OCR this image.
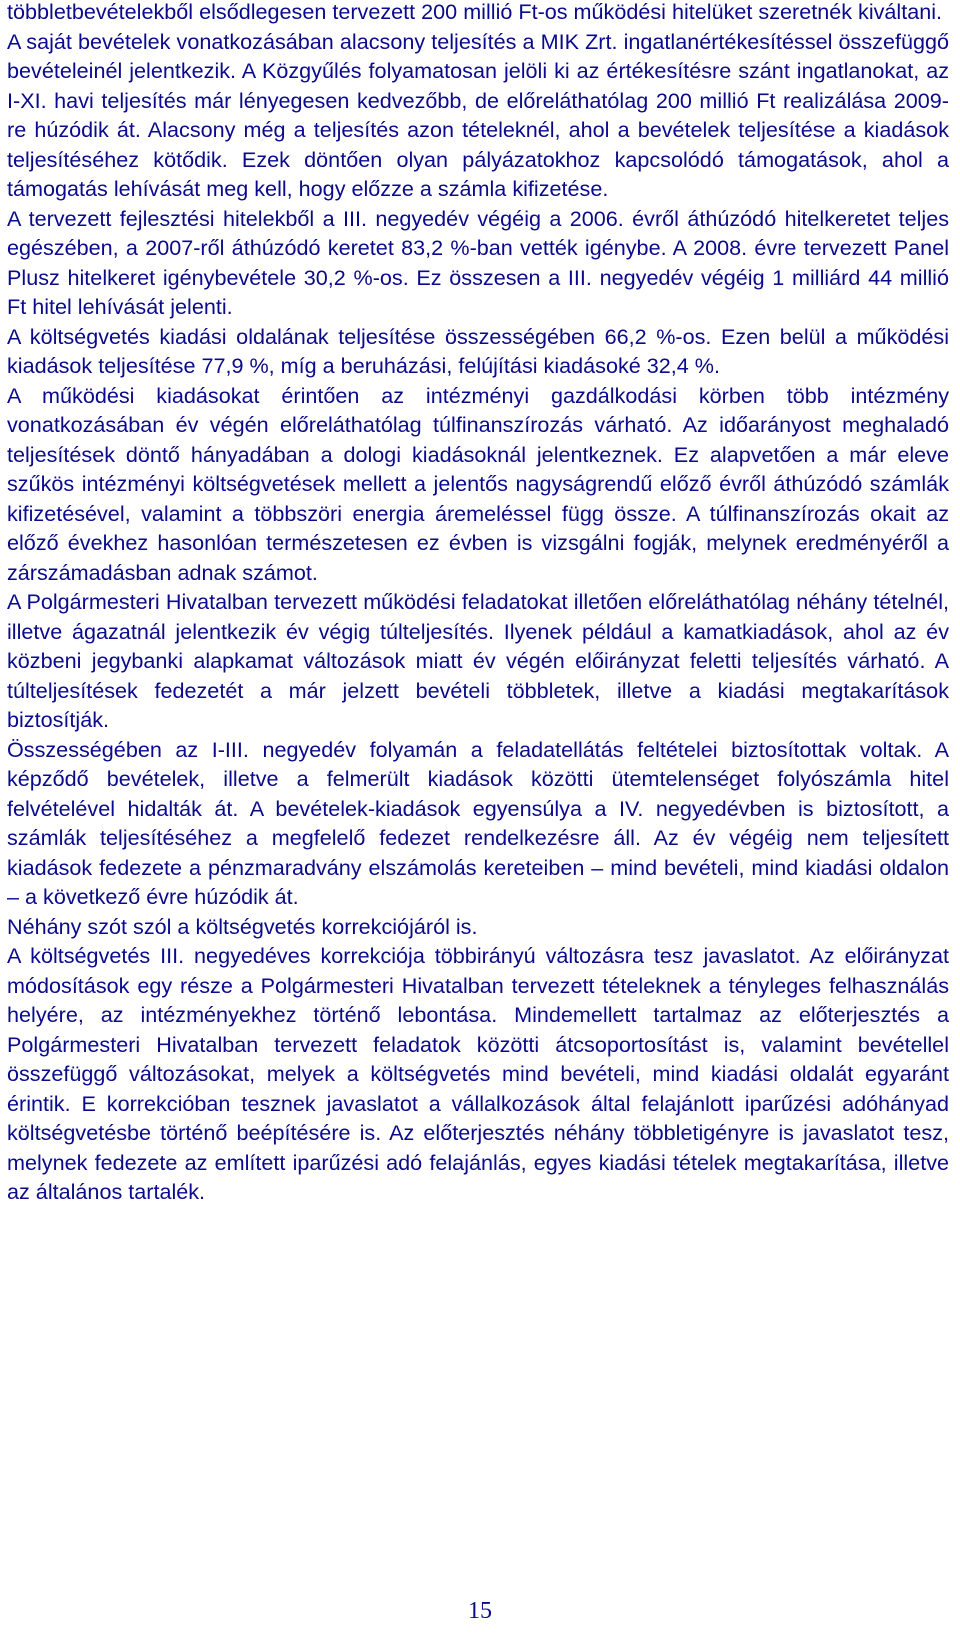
többletbevételekből elsődlegesen tervezett 200 millió Ft-os működési hitelüket szeretnék kiváltani.

A saját bevételek vonatkozásában alacsony teljesítés a MIK Zrt. ingatlanértékesítéssel összefüggő bevételeinél jelentkezik. A Közgyűlés folyamatosan jelöli ki az értékesítésre szánt ingatlanokat, az I-XI. havi teljesítés már lényegesen kedvezőbb, de előreláthatólag 200 millió Ft realizálása 2009-re húzódik át. Alacsony még a teljesítés azon tételeknél, ahol a bevételek teljesítése a kiadások teljesítéséhez kötődik. Ezek döntően olyan pályázatokhoz kapcsolódó támogatások, ahol a támogatás lehívását meg kell, hogy előzze a számla kifizetése.

A tervezett fejlesztési hitelekből a III. negyedév végéig a 2006. évről áthúzódó hitelkeretet teljes egészében, a 2007-ről áthúzódó keretet 83,2 %-ban vették igénybe. A 2008. évre tervezett Panel Plusz hitelkeret igénybevétele 30,2 %-os. Ez összesen a III. negyedév végéig 1 milliárd 44 millió Ft hitel lehívását jelenti.

A költségvetés kiadási oldalának teljesítése összességében 66,2 %-os. Ezen belül a működési kiadások teljesítése 77,9 %, míg a beruházási, felújítási kiadásoké 32,4 %.

A működési kiadásokat érintően az intézményi gazdálkodási körben több intézmény vonatkozásában év végén előreláthatólag túlfinanszírozás várható. Az időarányost meghaladó teljesítések döntő hányadában a dologi kiadásoknál jelentkeznek. Ez alapvetően a már eleve szűkös intézményi költségvetések mellett a jelentős nagyságrendű előző évről áthúzódó számlák kifizetésével, valamint a többszöri energia áremeléssel függ össze. A túlfinanszírozás okait az előző évekhez hasonlóan természetesen ez évben is vizsgálni fogják, melynek eredményéről a zárszámadásban adnak számot.

A Polgármesteri Hivatalban tervezett működési feladatokat illetően előreláthatólag néhány tételnél, illetve ágazatnál jelentkezik év végig túlteljesítés. Ilyenek például a kamatkiadások, ahol az év közbeni jegybanki alapkamat változások miatt év végén előirányzat feletti teljesítés várható. A túlteljesítések fedezetét a már jelzett bevételi többletek, illetve a kiadási megtakarítások biztosítják.

Összességében az I-III. negyedév folyamán a feladatellátás feltételei biztosítottak voltak. A képződő bevételek, illetve a felmerült kiadások közötti ütemtelenséget folyószámla hitel felvételével hidalták át. A bevételek-kiadások egyensúlya a IV. negyedévben is biztosított, a számlák teljesítéséhez a megfelelő fedezet rendelkezésre áll. Az év végéig nem teljesített kiadások fedezete a pénzmaradvány elszámolás kereteiben – mind bevételi, mind kiadási oldalon – a következő évre húzódik át.

Néhány szót szól a költségvetés korrekciójáról is.

A költségvetés III. negyedéves korrekciója többirányú változásra tesz javaslatot. Az előirányzat módosítások egy része a Polgármesteri Hivatalban tervezett tételeknek a tényleges felhasználás helyére, az intézményekhez történő lebontása. Mindemellett tartalmaz az előterjesztés a Polgármesteri Hivatalban tervezett feladatok közötti átcsoportosítást is, valamint bevétellel összefüggő változásokat, melyek a költségvetés mind bevételi, mind kiadási oldalát egyaránt érintik. E korrekcióban tesznek javaslatot a vállalkozások által felajánlott iparűzési adóhányad költségvetésbe történő beépítésére is. Az előterjesztés néhány többletigényre is javaslatot tesz, melynek fedezete az említett iparűzési adó felajánlás, egyes kiadási tételek megtakarítása, illetve az általános tartalék.

15
